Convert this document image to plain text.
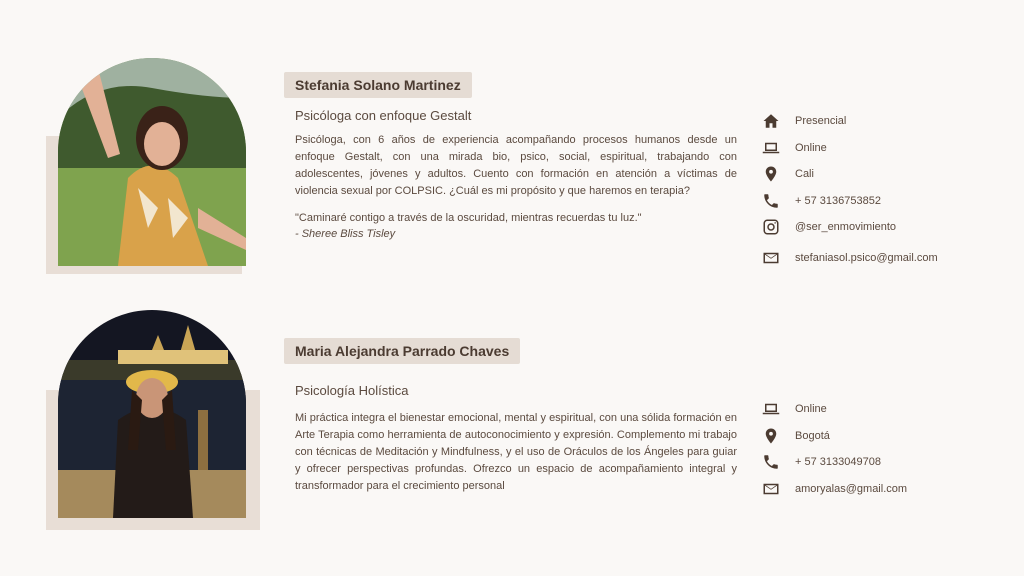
Stefania Solano Martinez
Psicóloga con enfoque Gestalt
Psicóloga, con 6 años de experiencia acompañando procesos humanos desde un enfoque Gestalt, con una mirada bio, psico, social, espiritual, trabajando con adolescentes, jóvenes y adultos. Cuento con formación en atención a víctimas de violencia sexual por COLPSIC. ¿Cuál es mi propósito y que haremos en terapia?
"Caminaré contigo a través de la oscuridad, mientras recuerdas tu luz."
- Sheree Bliss Tisley
Presencial
Online
Cali
+ 57 3136753852
@ser_enmovimiento
stefaniasol.psico@gmail.com
Maria Alejandra Parrado Chaves
Psicología Holística
Mi práctica integra el bienestar emocional, mental y espiritual, con una sólida formación en Arte Terapia como herramienta de autoconocimiento y expresión. Complemento mi trabajo con técnicas de Meditación y Mindfulness, y el uso de Oráculos de los Ángeles para guiar y ofrecer perspectivas profundas. Ofrezco un espacio de acompañamiento integral y transformador para el crecimiento personal
Online
Bogotá
+ 57 3133049708
amoryalas@gmail.com
